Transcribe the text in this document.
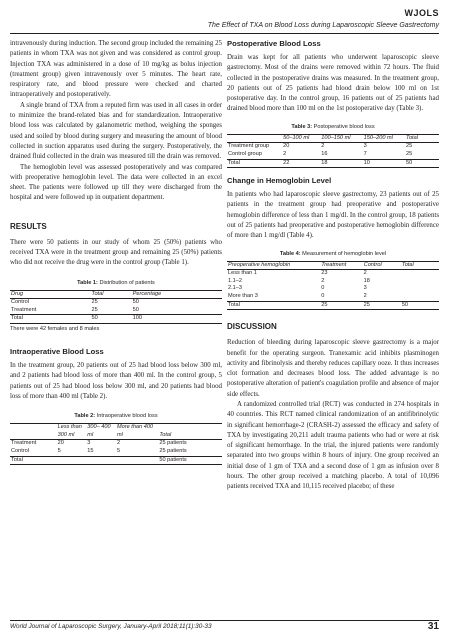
WJOLS
The Effect of TXA on Blood Loss during Laparoscopic Sleeve Gastrectomy

intravenously during induction. The second group included the remaining 25 patients in whom TXA was not given and was considered as control group. Injection TXA was administered in a dose of 10 mg/kg as bolus injection (treatment group) given intravenously over 5 minutes. The heart rate, respiratory rate, and blood pressure were checked and charted intraoperatively and postoperatively.

A single brand of TXA from a reputed firm was used in all cases in order to minimize the brand-related bias and for standardization. Intraoperative blood loss was calculated by galanometric method, weighing the sponges used and soiled by blood during surgery and measuring the amount of blood collected in suction apparatus used during the surgery. Postoperatively, the drained fluid collected in the drain was measured till the drain was removed.

The hemoglobin level was assessed postoperatively and was compared with preoperative hemoglobin level. The data were collected in an excel sheet. The patients were followed up till they were discharged from the hospital and were followed up in outpatient department.

RESULTS

There were 50 patients in our study of whom 25 (50%) patients who received TXA were in the treatment group and remaining 25 (50%) patients who did not receive the drug were in the control group (Table 1).

Table 1: Distribution of patients
Drug	Total	Percentage
Control	25	50
Treatment	25	50
Total	50	100
There were 42 females and 8 males
Intraoperative Blood Loss

In the treatment group, 20 patients out of 25 had blood loss below 300 ml, and 2 patients had blood loss of more than 400 ml. In the control group, 5 patients out of 25 had blood loss below 300 ml, and 20 patients had blood loss of more than 400 ml (Table 2).

Table 2: Intraoperative blood loss
	Less than 300 ml	300– 400 ml	More than 400 ml	Total
Treatment	20	3	2	25 patients
Control	5	15	5	25 patients
Total				50 patients
Postoperative Blood Loss

Drain was kept for all patients who underwent laparoscopic sleeve gastrectomy. Most of the drains were removed within 72 hours. The fluid collected in the postoperative drains was measured. In the treatment group, 20 patients out of 25 patients had blood drain below 100 ml on 1st postoperative day. In the control group, 16 patients out of 25 patients had drained blood more than 100 ml on the 1st postoperative day (Table 3).

Table 3: Postoperative blood loss
	50–100 ml	100–150 ml	150–200 ml	Total
Treatment group	20	2	3	25
Control group	2	16	7	25
Total	22	18	10	50
Change in Hemoglobin Level

In patients who had laparoscopic sleeve gastrectomy, 23 patients out of 25 patients in the treatment group had preoperative and postoperative hemoglobin difference of less than 1 mg/dl. In the control group, 18 patients out of 25 patients had preoperative and postoperative hemoglobin difference of more than 1 mg/dl (Table 4).

Table 4: Measurement of hemoglobin level
Preoperative hemoglobin	Treatment	Control	Total
Less than 1	23	2	
1.1–2	2	18	
2.1–3	0	3	
More than 3	0	2	
Total	25	25	50
DISCUSSION

Reduction of bleeding during laparoscopic sleeve gastrectomy is a major benefit for the operating surgeon. Tranexamic acid inhibits plasminogen activity and fibrinolysis and thereby reduces capillary ooze. It thus increases clot formation and decreases blood loss. The added advantage is no postoperative alteration of patient's coagulation profile and absence of major side effects.

A randomized controlled trial (RCT) was conducted in 274 hospitals in 40 countries. This RCT named clinical randomization of an antifibrinolytic in significant hemorrhage-2 (CRASH-2) assessed the efficacy and safety of TXA by investigating 20,211 adult trauma patients who had or were at risk of significant hemorrhage. In the trial, the injured patients were randomly separated into two groups within 8 hours of injury. One group received an initial dose of 1 gm of TXA and a second dose of 1 gm as infusion over 8 hours. The other group received a matching placebo. A total of 10,096 patients received TXA and 10,115 received placebo; of these

World Journal of Laparoscopic Surgery, January-April 2018;11(1):30-33	31
